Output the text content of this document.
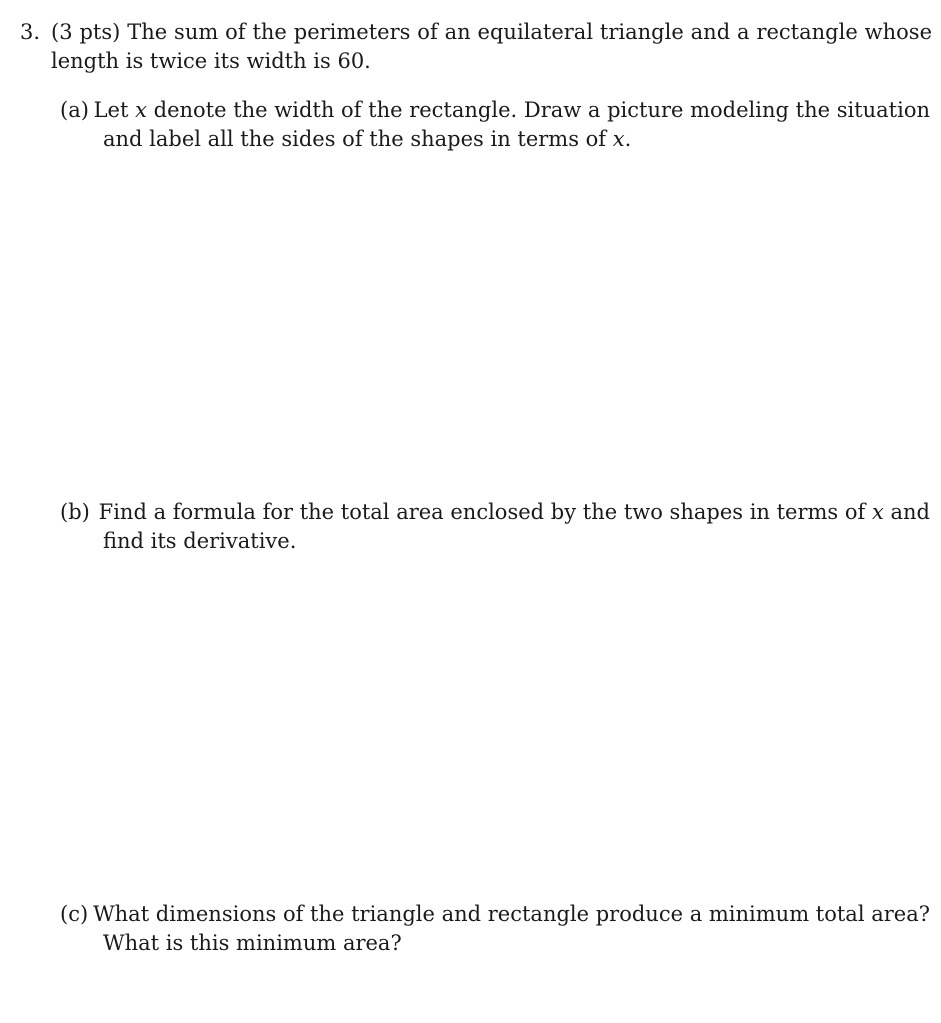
3. (3 pts) The sum of the perimeters of an equilateral triangle and a rectangle whose
length is twice its width is 60.
(a) Let x denote the width of the rectangle. Draw a picture modeling the situation
and label all the sides of the shapes in terms of x.
(b) Find a formula for the total area enclosed by the two shapes in terms of x and
find its derivative.
(c) What dimensions of the triangle and rectangle produce a minimum total area?
What is this minimum area?
